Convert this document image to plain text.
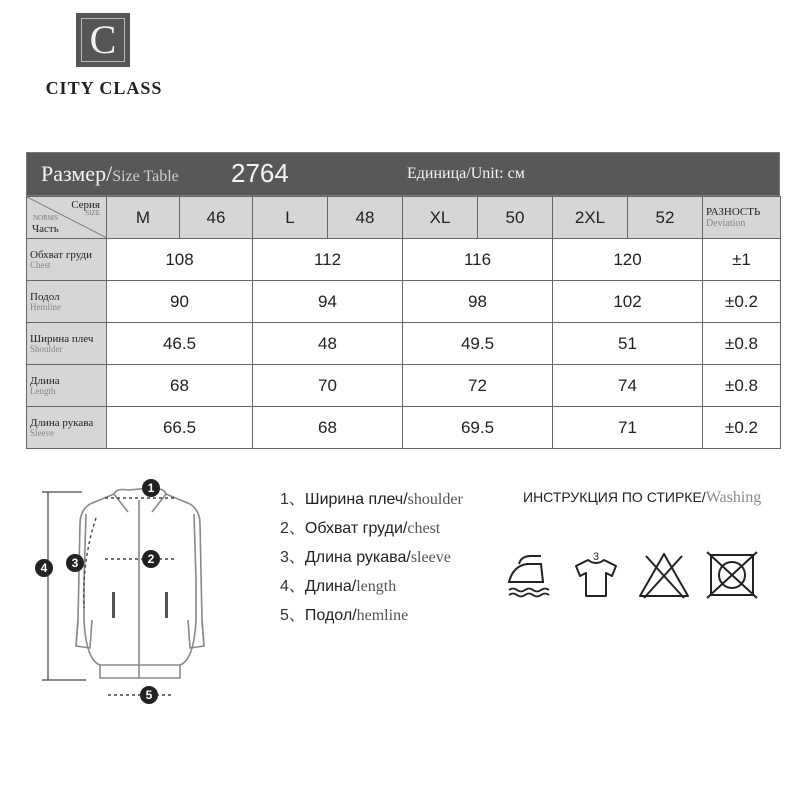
C
CITY CLASS
Размер/Size Table 2764	Единица/Unit: см
Серия
SIZE
NORMS
Часть	M	46	L	48	XL	50	2XL	52	РАЗНОСТЬ
Deviation

Обхват груди
Chest	108		112		116		120		±1

Подол
Hemline	90		94		98		102		±0.2

Ширина плеч
Shoulder	46.5		48		49.5		51		±0.8

Длина
Length	68		70		72		74		±0.8

Длина рукава
Sleeve	66.5		68		69.5		71		±0.2
1
2
3
4
5
1、Ширина плеч/shoulder
2、Обхват груди/chest
3、Длина рукава/sleeve
4、Длина/length
5、Подол/hemline
ИНСТРУКЦИЯ ПО СТИРКЕ/Washing
3
